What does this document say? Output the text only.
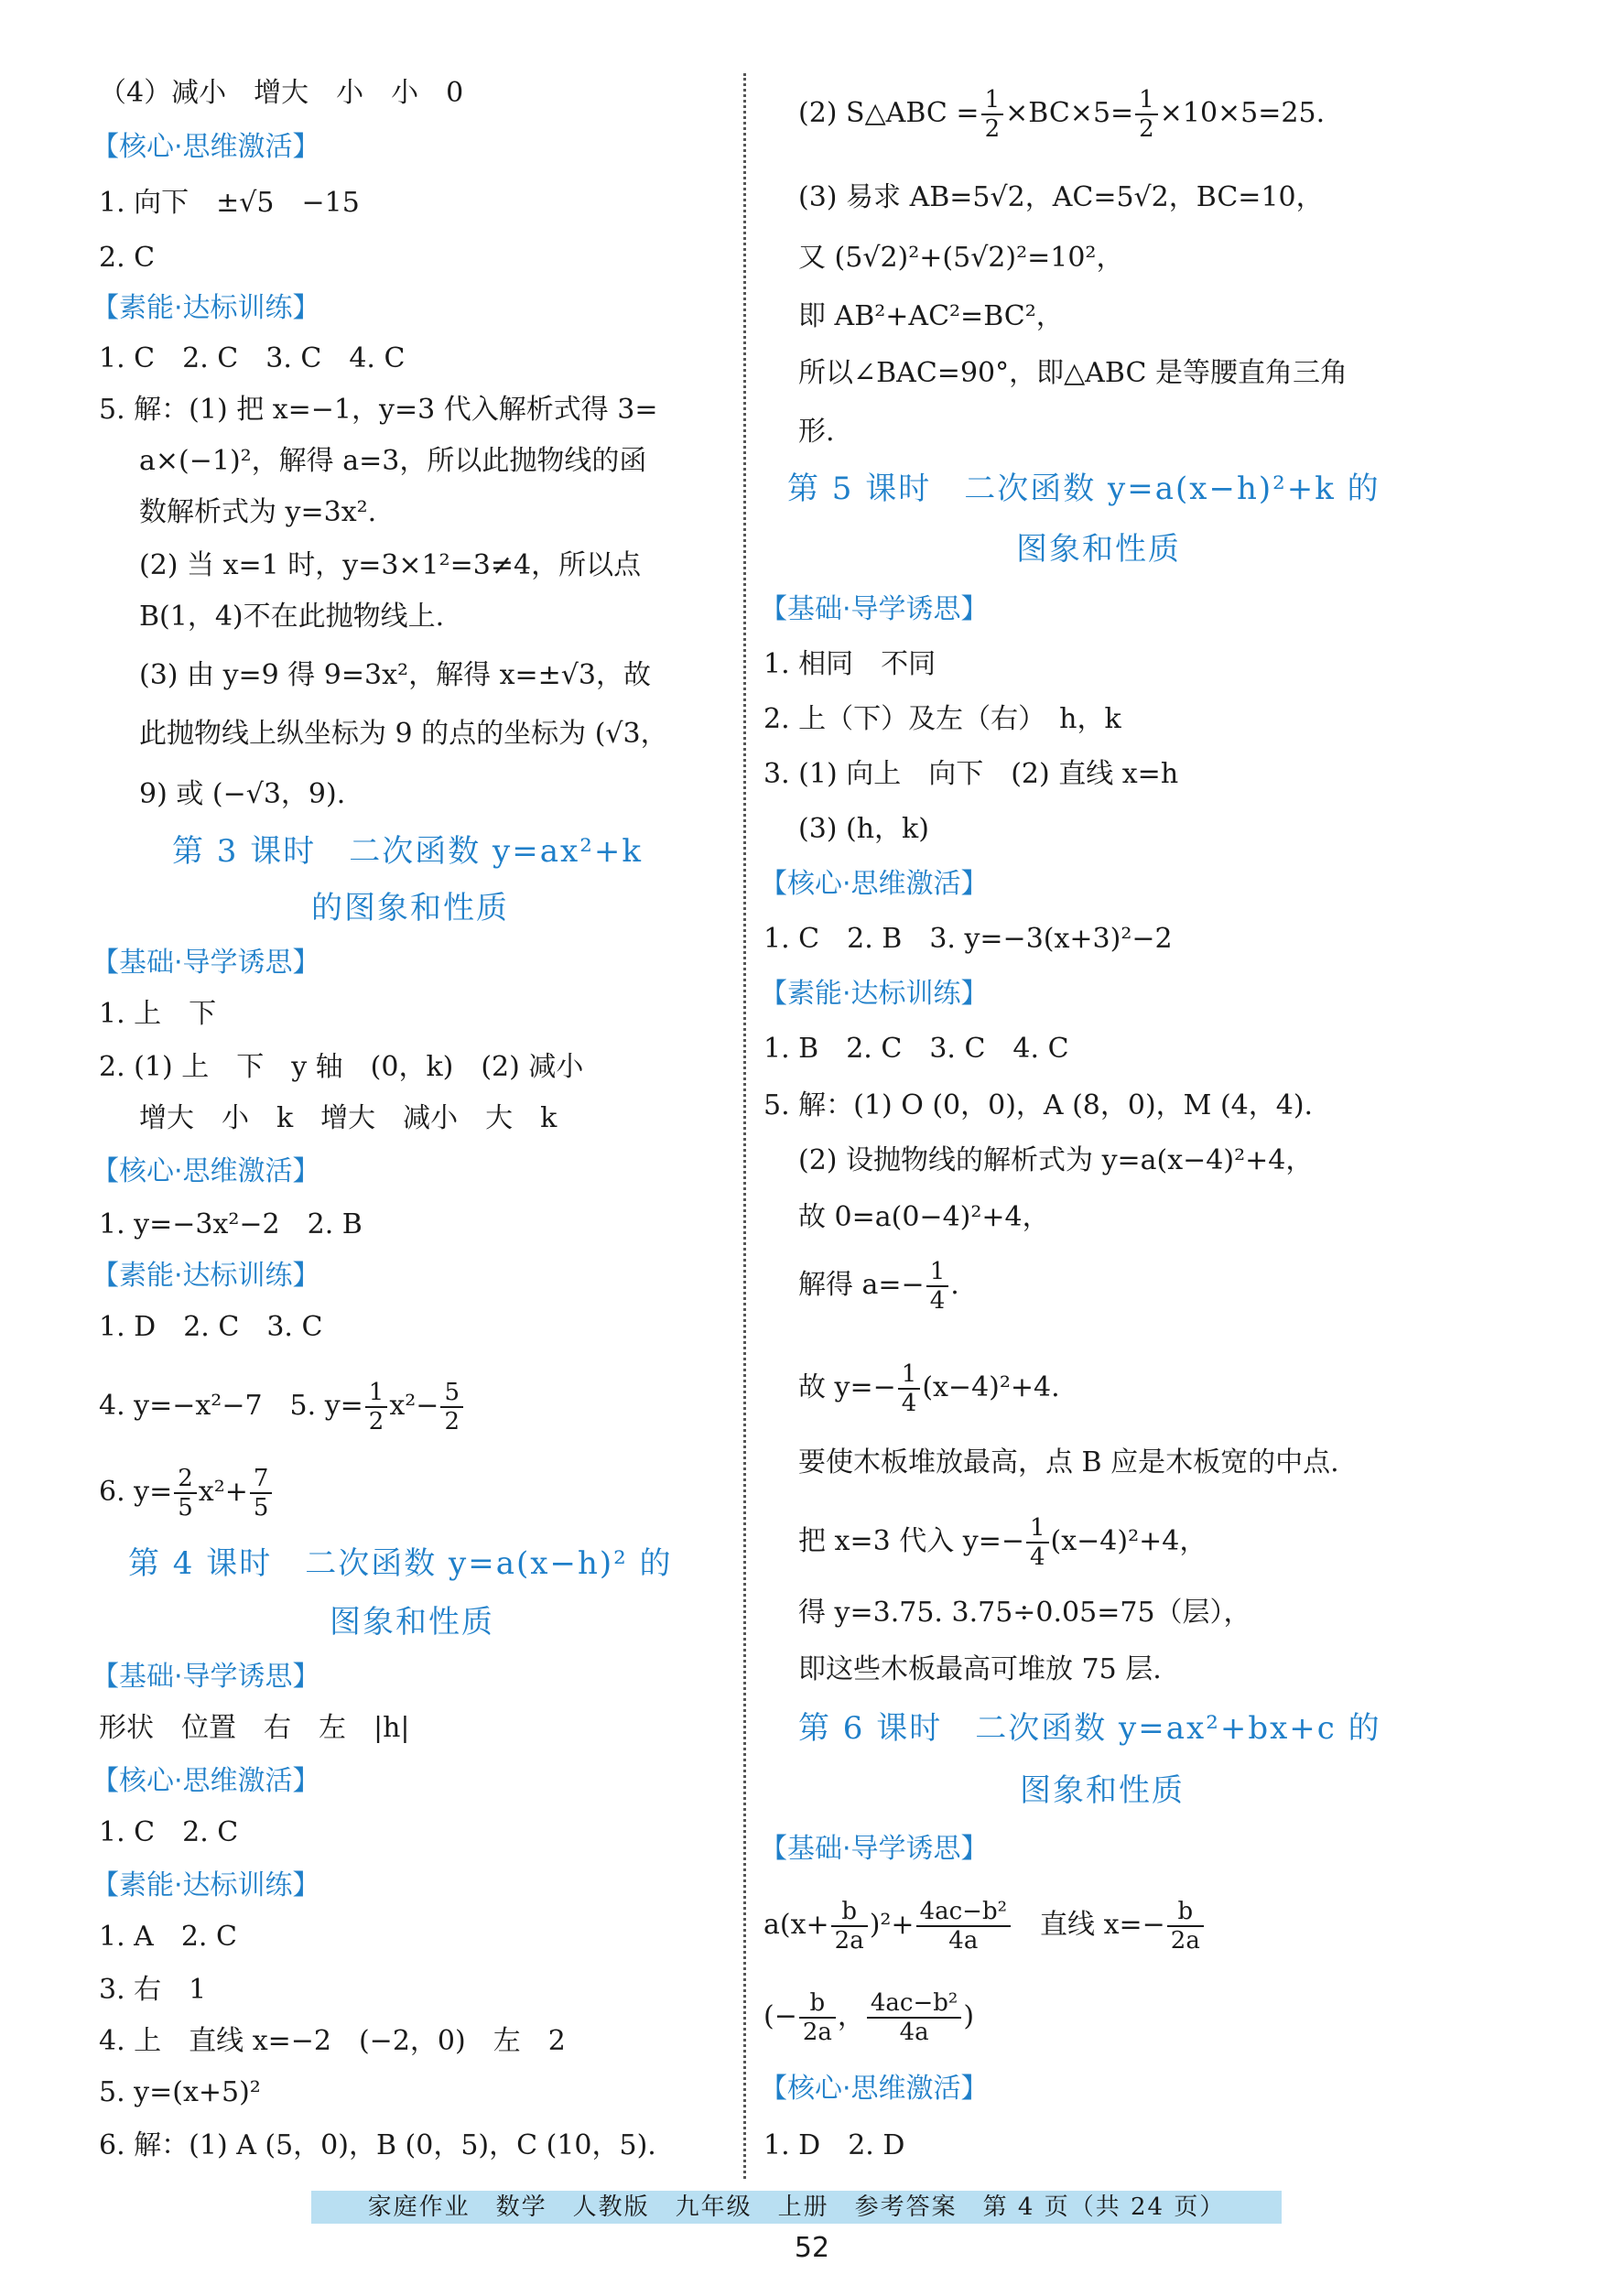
（4）减小　增大　小　小　0
【核心·思维激活】
1. 向下　±√5　−15
2. C
【素能·达标训练】
1. C　2. C　3. C　4. C
5. 解：(1) 把 x=−1，y=3 代入解析式得 3=
a×(−1)²，解得 a=3，所以此抛物线的函
数解析式为 y=3x².
(2) 当 x=1 时，y=3×1²=3≠4，所以点
B(1，4)不在此抛物线上.
(3) 由 y=9 得 9=3x²，解得 x=±√3，故
此抛物线上纵坐标为 9 的点的坐标为 (√3，
9) 或 (−√3，9).
第 3 课时　二次函数 y=ax²+k
的图象和性质
【基础·导学诱思】
1. 上　下
2. (1) 上　下　y 轴　(0，k)　(2) 减小
增大　小　k　增大　减小　大　k
【核心·思维激活】
1. y=−3x²−2　2. B
【素能·达标训练】
1. D　2. C　3. C
4. y=−x²−7　5. $y= \frac{1}{2} x^2- \frac{5}{2}$
6. $y= \frac{2}{5} x^2+ \frac{7}{5}$
第 4 课时　二次函数 y=a(x−h)² 的
图象和性质
【基础·导学诱思】
形状　位置　右　左　|h|
【核心·思维激活】
1. C　2. C
【素能·达标训练】
1. A　2. C
3. 右　1
4. 上　直线 x=−2　(−2，0)　左　2
5. y=(x+5)²
6. 解：(1) A (5，0)，B (0，5)，C (10，5).
(2) S△ABC = $\frac{1}{2} \times BC\times 5= \frac{1}{2} \times 10\times 5=25$.
(3) 易求 AB=5√2，AC=5√2，BC=10，
又 (5√2)²+(5√2)²=10²，
即 AB²+AC²=BC²，
所以∠BAC=90°，即△ABC 是等腰直角三角
形.
第 5 课时　二次函数 y=a(x−h)²+k 的
图象和性质
【基础·导学诱思】
1. 相同　不同
2. 上（下）及左（右）　h，k
3. (1) 向上　向下　(2) 直线 x=h
(3) (h，k)
【核心·思维激活】
1. C　2. B　3. y=−3(x+3)²−2
【素能·达标训练】
1. B　2. C　3. C　4. C
5. 解：(1) O (0，0)，A (8，0)，M (4，4).
(2) 设抛物线的解析式为 y=a(x−4)²+4，
故 0=a(0−4)²+4，
解得 $a=- \frac{1}{4}$ .
故 $y=- \frac{1}{4} (x-4)^2+4$.
要使木板堆放最高，点 B 应是木板宽的中点.
把 x=3 代入 $y=- \frac{1}{4} (x-4)^2+4$，
得 y=3.75. 3.75÷0.05=75（层），
即这些木板最高可堆放 75 层.
第 6 课时　二次函数 y=ax²+bx+c 的
图象和性质
【基础·导学诱思】
$a(x+ \frac{b}{2a} )^2+ \frac{\text{4ac−b²}}{4a}$ 直线 $x=- \frac{b}{2a}$
(− $\frac{b}{2a}$ ， $\frac{\text{4ac−b²}}{4a}$ )
【核心·思维激活】
1. D　2. D
家庭作业　数学　人教版　九年级　上册　参考答案　第 4 页（共 24 页）
52
